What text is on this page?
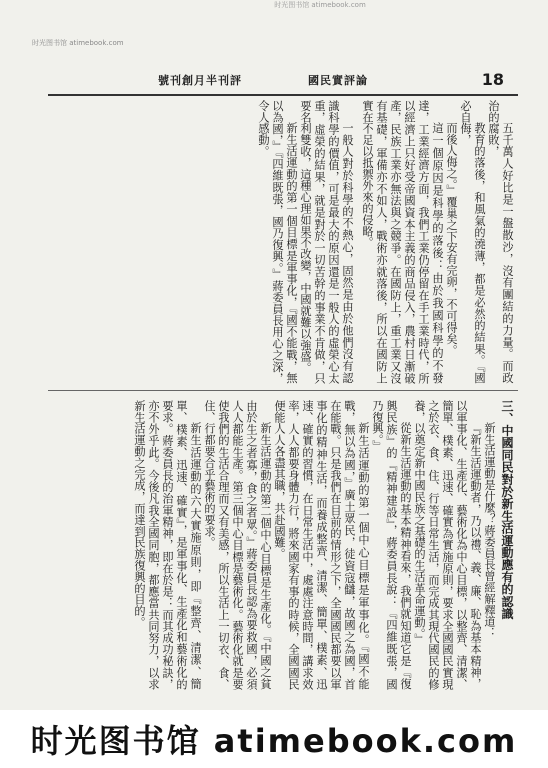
时光图书馆 atimebook.com
时光图书馆 atimebook.com
號刊創月半刊評	國民實評論	18

五千萬人好比是一盤散沙，沒有團結的力量。而政治的腐敗，

教育的落後，和風氣的澆薄，都是必然的結果。『國必自侮，

而後人侮之。』覆巢之下安有完卵，不可得矣。

這一個原因是科學的落後：由於我國科學的不發達，工業經濟方面，我們工業仍停留在手工業時代，所以經濟上只好受帝國資本主義的商品侵入，農村日漸破產，民族工業亦無法與之競爭。在國防上，重工業又沒有基礎，軍備亦不如人，戰術亦就落後，所以在國防上實在不足以抵禦外來的侵略。

一般人對於科學的不熱心，固然是由於他們沒有認識科學的價值，可是最大的原因還是一般人的虛榮心太重，虛榮的結果，就是對於一切苦幹的事業不肯做，只要名利雙收，這種心理如果不改變，中國就難以強盛。

新生活運動的第一個目標是軍事化，『國不能戰，無以為國，』『四維既張，國乃復興。』蔣委員長用心之深，令人感動。

三、中國同民對於新生活運動應有的認識

新生活運動是什麼？蔣委員長曾經解釋道：

『新生活運動者，乃以禮、義、廉、恥為基本精神，以軍事化、生產化、藝術化為中心目標，以整齊、清潔、簡單、樸素、迅速、確實為實施原則，要求全國國民實現之於衣、食、住、行等日常生活，而完成其現代國民的修養，以奠定新中國民族之基礎的生活革命運動。』

從新生活運動的基本精神看來，我們就知道它是『復興民族』的『精神建設』，蔣委員長說：『四維既張，國乃復興。』

新生活運動的第一個中心目標是軍事化。『國不能戰，無以為國，』廣土眾民，徒資寇讎，故國之為國，首在能戰。只是我們在目前的情形之下，全國國民都要以軍事化的精神生活，而養成整齊、清潔、簡單、樸素、迅速、確實的習慣，在日常生活中，處處注意時間，講求效率，人人都要身體力行，將來國家有事的時候，全國國民便能人人各盡其職，共赴國難。

新生活運動的第二個中心目標是生產化。『中國之貧由於生之者寡，食之者眾。』蔣委員長認為要救國，必須人人都能生產。第三個中心目標是藝術化。藝術化就是要使我們的生活合理而又有美感，所以生活上一切衣、食、住、行都要合乎藝術的要求。

新生活運動的六大實施原則，即『整齊、清潔、簡單、樸素、迅速、確實』，是軍事化、生產化和藝術化的要求。蔣委員長的治軍精神，即在於是：而其成功秘訣，亦不外乎此。今後凡我全國同胞，都應當共同努力，以求新生活運動之完成，而達到民族復興的目的。

时光图书馆 atimebook.com
